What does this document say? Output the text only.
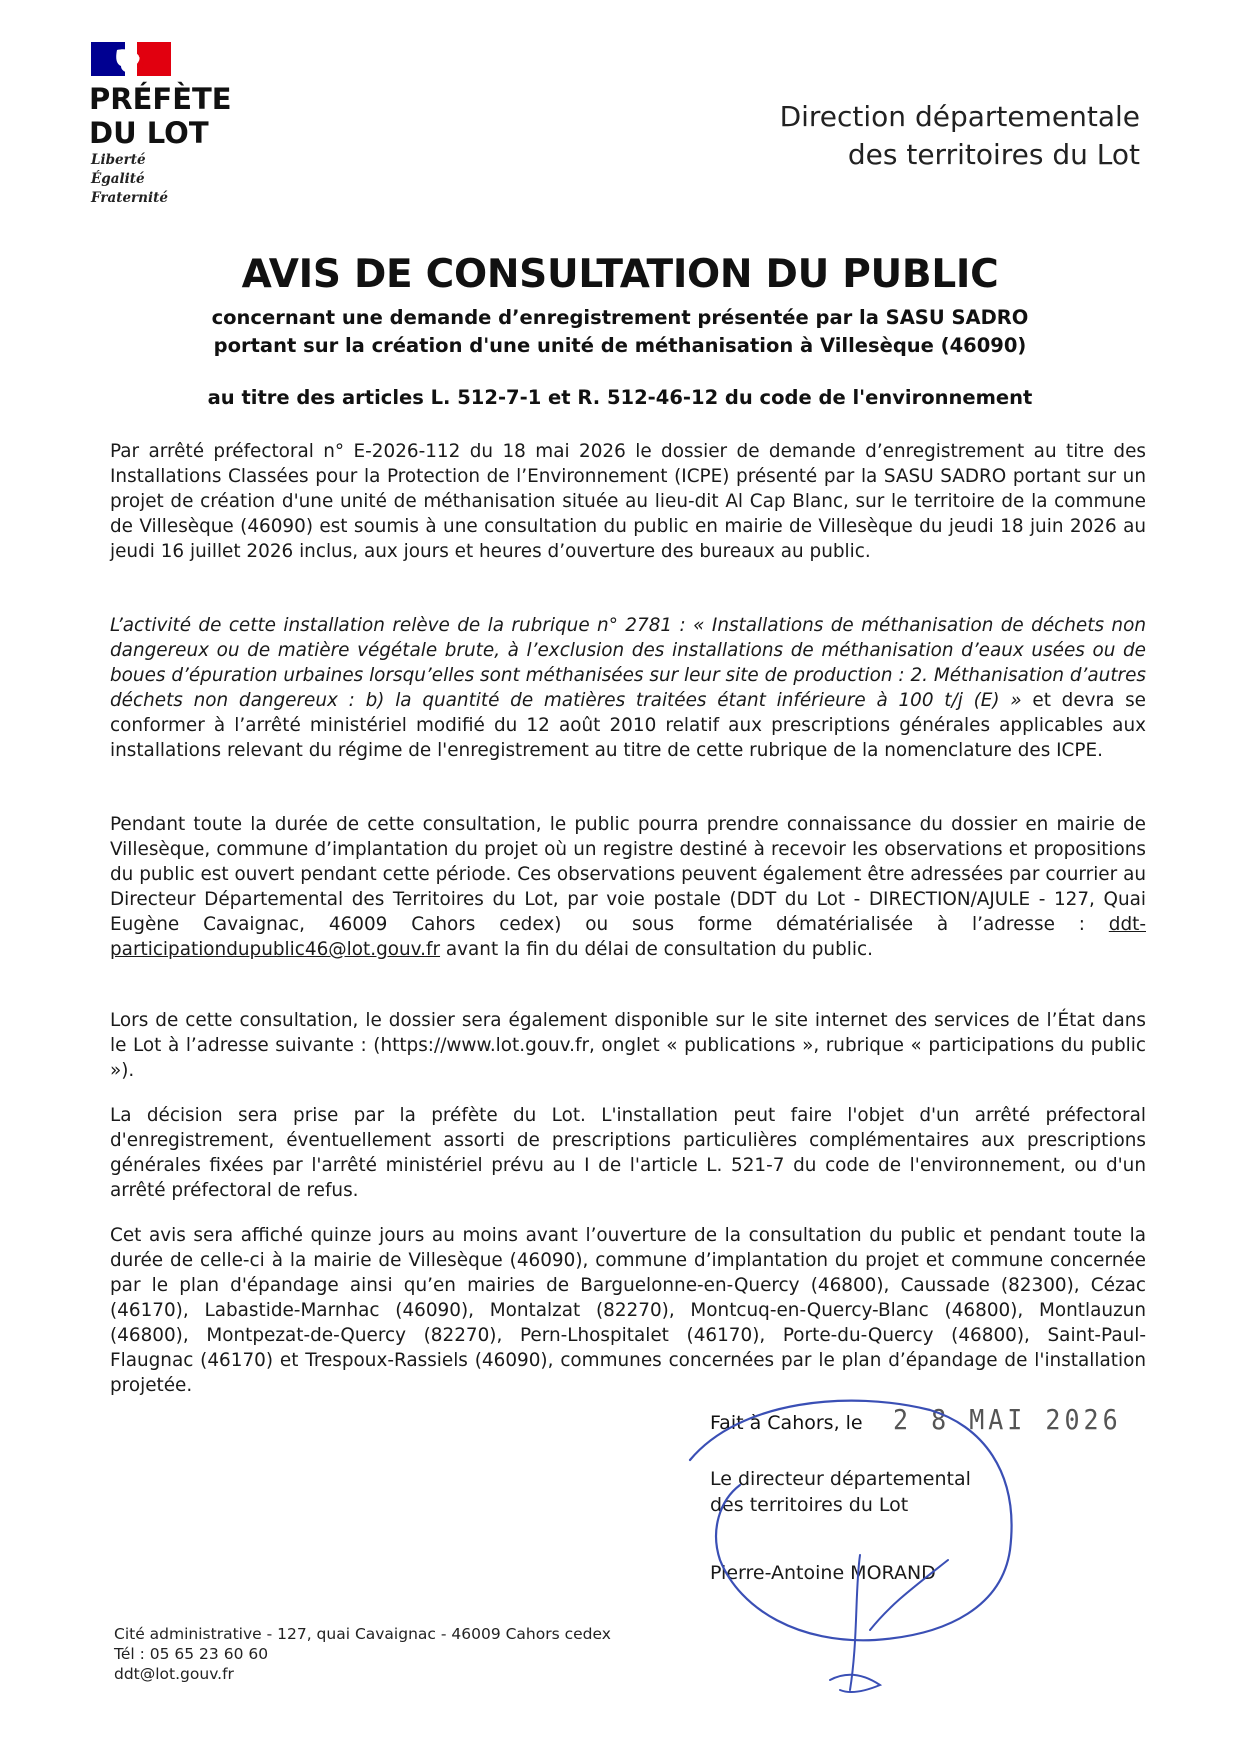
PRÉFÈTE
DU LOT
Liberté
Égalité
Fraternité
Direction départementale
des territoires du Lot
AVIS DE CONSULTATION DU PUBLIC
concernant une demande d’enregistrement présentée par la SASU SADRO
portant sur la création d'une unité de méthanisation à Villesèque (46090)
au titre des articles L. 512-7-1 et R. 512-46-12 du code de l'environnement

Par arrêté préfectoral n° E-2026-112 du 18 mai 2026 le dossier de demande d’enregistrement au titre des Installations Classées pour la Protection de l’Environnement (ICPE) présenté par la SASU SADRO portant sur un projet de création d'une unité de méthanisation située au lieu-dit Al Cap Blanc, sur le territoire de la commune de Villesèque (46090) est soumis à une consultation du public en mairie de Villesèque du jeudi 18 juin 2026 au jeudi 16 juillet 2026 inclus, aux jours et heures d’ouverture des bureaux au public.

L’activité de cette installation relève de la rubrique n° 2781 : « Installations de méthanisation de déchets non dangereux ou de matière végétale brute, à l’exclusion des installations de méthanisation d’eaux usées ou de boues d’épuration urbaines lorsqu’elles sont méthanisées sur leur site de production : 2. Méthanisation d’autres déchets non dangereux : b) la quantité de matières traitées étant inférieure à 100 t/j (E) » et devra se conformer à l’arrêté ministériel modifié du 12 août 2010 relatif aux prescriptions générales applicables aux installations relevant du régime de l'enregistrement au titre de cette rubrique de la nomenclature des ICPE.

Pendant toute la durée de cette consultation, le public pourra prendre connaissance du dossier en mairie de Villesèque, commune d’implantation du projet où un registre destiné à recevoir les observations et propositions du public est ouvert pendant cette période. Ces observations peuvent également être adressées par courrier au Directeur Départemental des Territoires du Lot, par voie postale (DDT du Lot - DIRECTION/AJULE - 127, Quai Eugène Cavaignac, 46009 Cahors cedex) ou sous forme dématérialisée à l’adresse : ddt-participationdupublic46@lot.gouv.fr avant la fin du délai de consultation du public.

Lors de cette consultation, le dossier sera également disponible sur le site internet des services de l’État dans le Lot à l’adresse suivante : (https://www.lot.gouv.fr, onglet « publications », rubrique « participations du public »).

La décision sera prise par la préfète du Lot. L'installation peut faire l'objet d'un arrêté préfectoral d'enregistrement, éventuellement assorti de prescriptions particulières complémentaires aux prescriptions générales fixées par l'arrêté ministériel prévu au I de l'article L. 521-7 du code de l'environnement, ou d'un arrêté préfectoral de refus.

Cet avis sera affiché quinze jours au moins avant l’ouverture de la consultation du public et pendant toute la durée de celle-ci à la mairie de Villesèque (46090), commune d’implantation du projet et commune concernée par le plan d'épandage ainsi qu’en mairies de Barguelonne-en-Quercy (46800), Caussade (82300), Cézac (46170), Labastide-Marnhac (46090), Montalzat (82270), Montcuq-en-Quercy-Blanc (46800), Montlauzun (46800), Montpezat-de-Quercy (82270), Pern-Lhospitalet (46170), Porte-du-Quercy (46800), Saint-Paul-Flaugnac (46170) et Trespoux-Rassiels (46090), communes concernées par le plan d’épandage de l'installation projetée.

Fait à Cahors, le 2 8 MAI 2026
Le directeur départemental
des territoires du Lot
Pierre-Antoine MORAND
Cité administrative - 127, quai Cavaignac - 46009 Cahors cedex
Tél : 05 65 23 60 60
ddt@lot.gouv.fr
